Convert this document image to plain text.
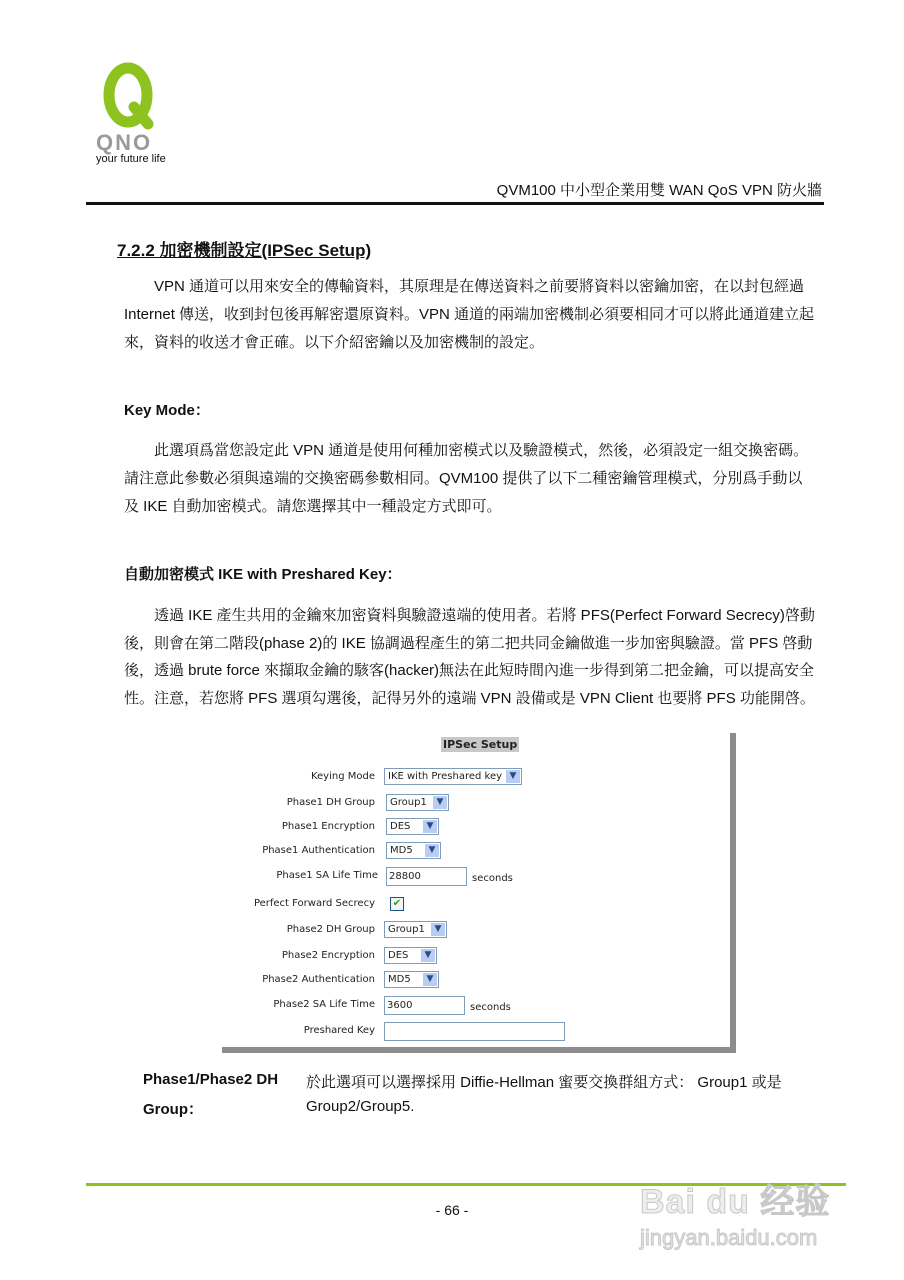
QNO
your future life
QVM100 中小型企業用雙 WAN QoS VPN 防火牆
7.2.2 加密機制設定(IPSec Setup)
　　VPN 通道可以用來安全的傳輸資料，其原理是在傳送資料之前要將資料以密鑰加密，在以封包經過
Internet 傳送，收到封包後再解密還原資料。VPN 通道的兩端加密機制必須要相同才可以將此通道建立起
來，資料的收送才會正確。以下介紹密鑰以及加密機制的設定。
Key Mode：
　　此選項爲當您設定此 VPN 通道是使用何種加密模式以及驗證模式，然後，必須設定一組交換密碼。
請注意此參數必須與遠端的交換密碼參數相同。QVM100 提供了以下二種密鑰管理模式，分別爲手動以
及 IKE 自動加密模式。請您選擇其中一種設定方式即可。
自動加密模式 IKE with Preshared Key：
　　透過 IKE 產生共用的金鑰來加密資料與驗證遠端的使用者。若將 PFS(Perfect Forward Secrecy)啓動
後，則會在第二階段(phase 2)的 IKE 協調過程產生的第二把共同金鑰做進一步加密與驗證。當 PFS 啓動
後，透過 brute force 來擷取金鑰的駭客(hacker)無法在此短時間內進一步得到第二把金鑰，可以提高安全
性。注意，若您將 PFS 選項勾選後，記得另外的遠端 VPN 設備或是 VPN Client 也要將 PFS 功能開啓。
IPSec Setup
Keying Mode	IKE with Preshared key ▼
Phase1 DH Group	Group1	▼
Phase1 Encryption	DES	▼
Phase1 Authentication	MD5	▼
Phase1 SA Life Time	28800	seconds
Perfect Forward Secrecy ✔
Phase2 DH Group	Group1	▼
Phase2 Encryption	DES	▼
Phase2 Authentication	MD5	▼
Phase2 SA Life Time	3600	seconds
Preshared Key
Phase1/Phase2 DH
Group：
於此選項可以選擇採用 Diffie-Hellman 蜜要交換群組方式： Group1 或是
Group2/Group5.
- 66 -	Bai du 经验
jingyan.baidu.com
